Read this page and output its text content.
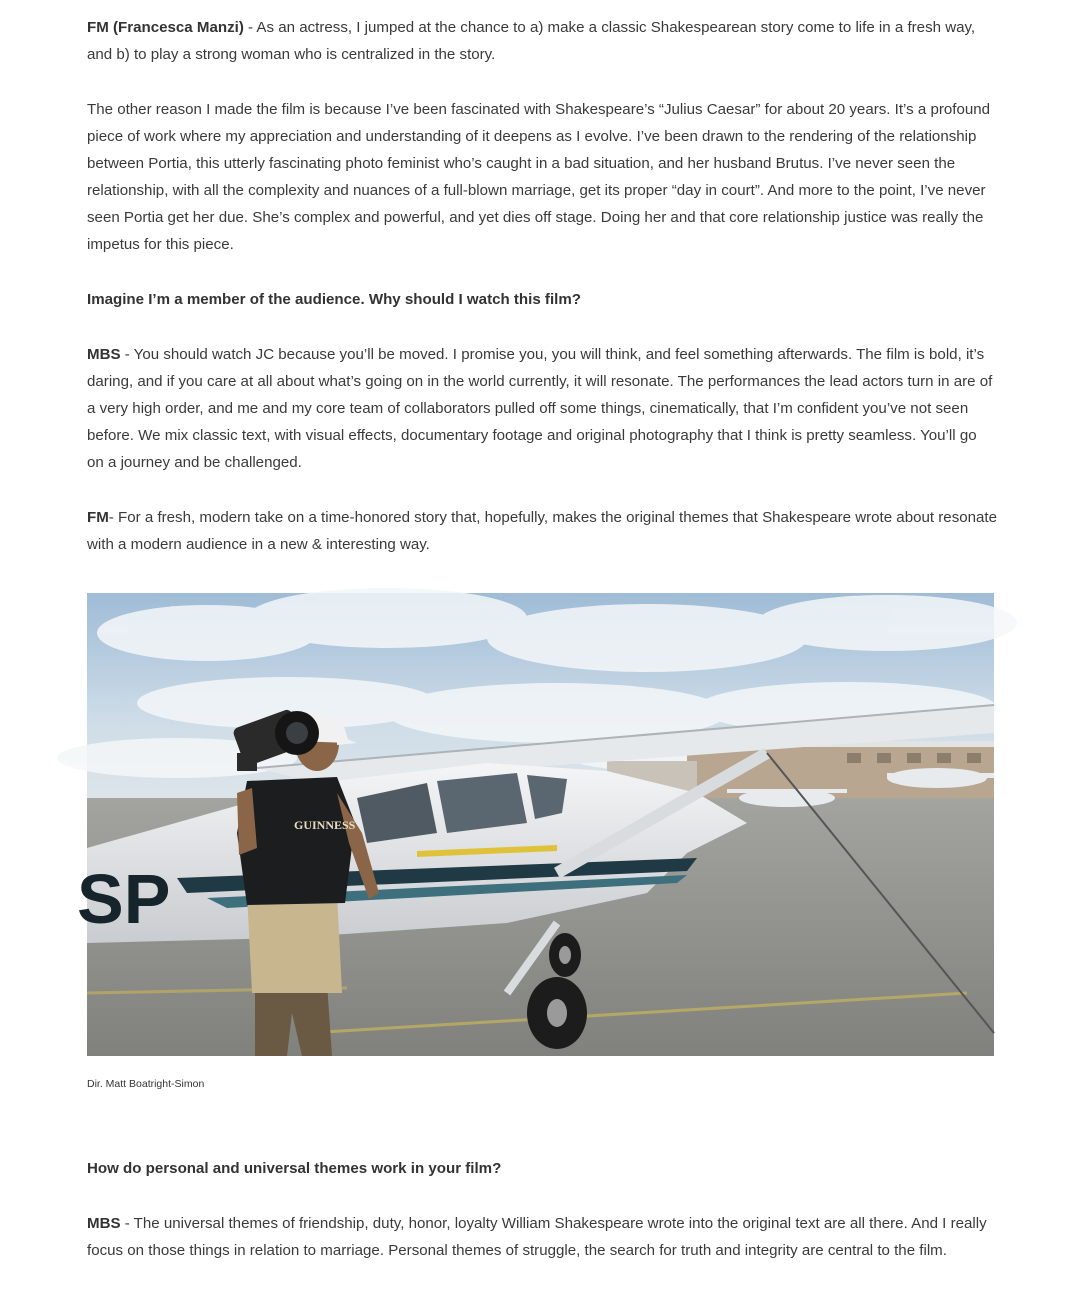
FM (Francesca Manzi) - As an actress, I jumped at the chance to a) make a classic Shakespearean story come to life in a fresh way, and b) to play a strong woman who is centralized in the story.

The other reason I made the film is because I’ve been fascinated with Shakespeare’s “Julius Caesar” for about 20 years. It’s a profound piece of work where my appreciation and understanding of it deepens as I evolve. I’ve been drawn to the rendering of the relationship between Portia, this utterly fascinating photo feminist who’s caught in a bad situation, and her husband Brutus. I’ve never seen the relationship, with all the complexity and nuances of a full-blown marriage, get its proper “day in court”. And more to the point, I’ve never seen Portia get her due. She’s complex and powerful, and yet dies off stage. Doing her and that core relationship justice was really the impetus for this piece.

Imagine I’m a member of the audience. Why should I watch this film?

MBS - You should watch JC because you’ll be moved. I promise you, you will think, and feel something afterwards. The film is bold, it’s daring, and if you care at all about what’s going on in the world currently, it will resonate. The performances the lead actors turn in are of a very high order, and me and my core team of collaborators pulled off some things, cinematically, that I’m confident you’ve not seen before. We mix classic text, with visual effects, documentary footage and original photography that I think is pretty seamless. You’ll go on a journey and be challenged.

FM- For a fresh, modern take on a time-honored story that, hopefully, makes the original themes that Shakespeare wrote about resonate with a modern audience in a new & interesting way.

SP
GUINNESS
Dir. Matt Boatright-Simon

How do personal and universal themes work in your film?

MBS - The universal themes of friendship, duty, honor, loyalty William Shakespeare wrote into the original text are all there. And I really focus on those things in relation to marriage. Personal themes of struggle, the search for truth and integrity are central to the film.
